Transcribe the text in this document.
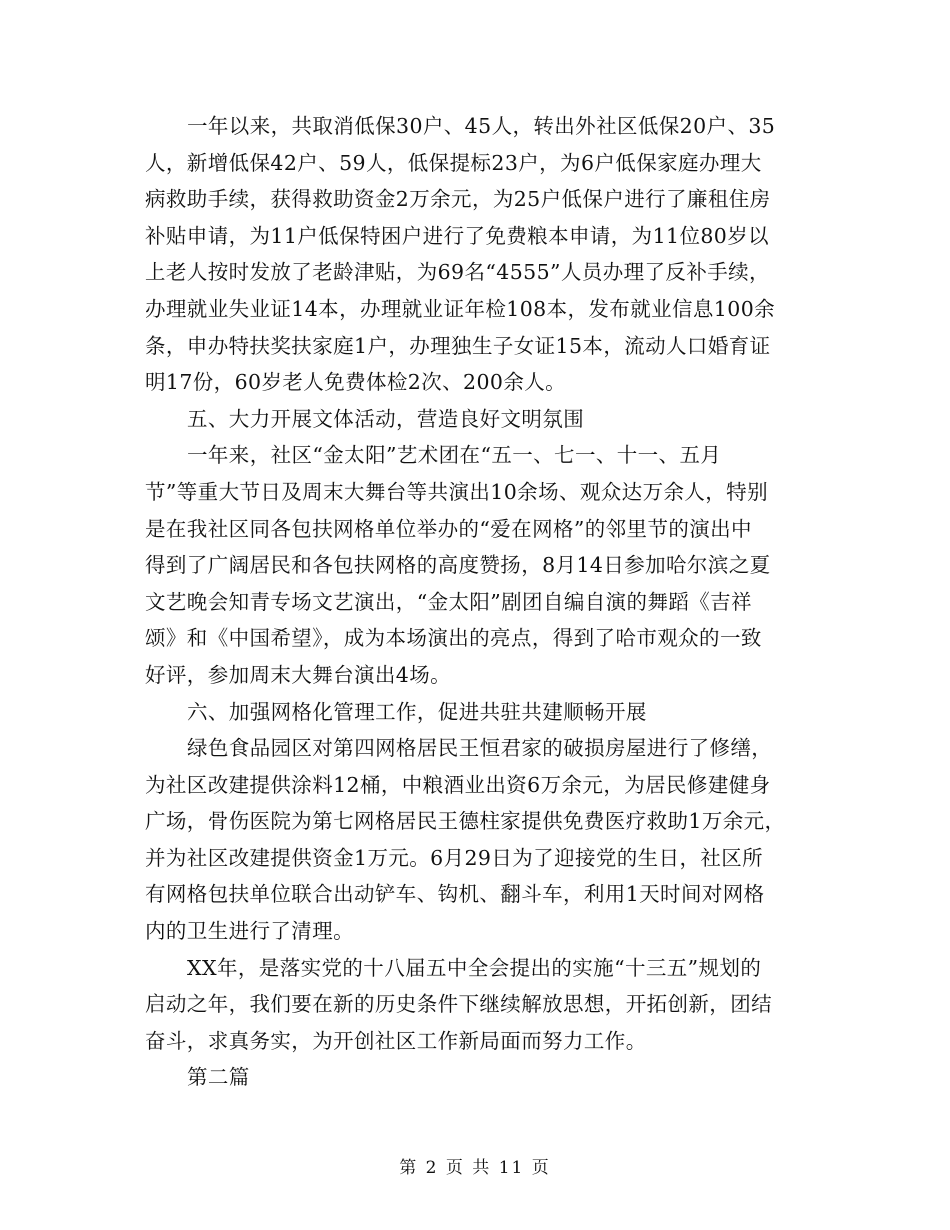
一年以来，共取消低保30户、45人，转出外社区低保20户、35
人，新增低保42户、59人，低保提标23户，为6户低保家庭办理大
病救助手续，获得救助资金2万余元，为25户低保户进行了廉租住房
补贴申请，为11户低保特困户进行了免费粮本申请，为11位80岁以
上老人按时发放了老龄津贴，为69名“4555”人员办理了反补手续，
办理就业失业证14本，办理就业证年检108本，发布就业信息100余
条，申办特扶奖扶家庭1户，办理独生子女证15本，流动人口婚育证
明17份，60岁老人免费体检2次、200余人。
五、大力开展文体活动，营造良好文明氛围
一年来，社区“金太阳”艺术团在“五一、七一、十一、五月
节”等重大节日及周末大舞台等共演出10余场、观众达万余人，特别
是在我社区同各包扶网格单位举办的“爱在网格”的邻里节的演出中
得到了广阔居民和各包扶网格的高度赞扬，8月14日参加哈尔滨之夏
文艺晚会知青专场文艺演出，“金太阳”剧团自编自演的舞蹈《吉祥
颂》和《中国希望》，成为本场演出的亮点，得到了哈市观众的一致
好评，参加周末大舞台演出4场。
六、加强网格化管理工作，促进共驻共建顺畅开展
绿色食品园区对第四网格居民王恒君家的破损房屋进行了修缮，
为社区改建提供涂料12桶，中粮酒业出资6万余元，为居民修建健身
广场，骨伤医院为第七网格居民王德柱家提供免费医疗救助1万余元，
并为社区改建提供资金1万元。6月29日为了迎接党的生日，社区所
有网格包扶单位联合出动铲车、钩机、翻斗车，利用1天时间对网格
内的卫生进行了清理。
XX年，是落实党的十八届五中全会提出的实施“十三五”规划的
启动之年，我们要在新的历史条件下继续解放思想，开拓创新，团结
奋斗，求真务实，为开创社区工作新局面而努力工作。
第二篇
第 2 页 共 11 页
